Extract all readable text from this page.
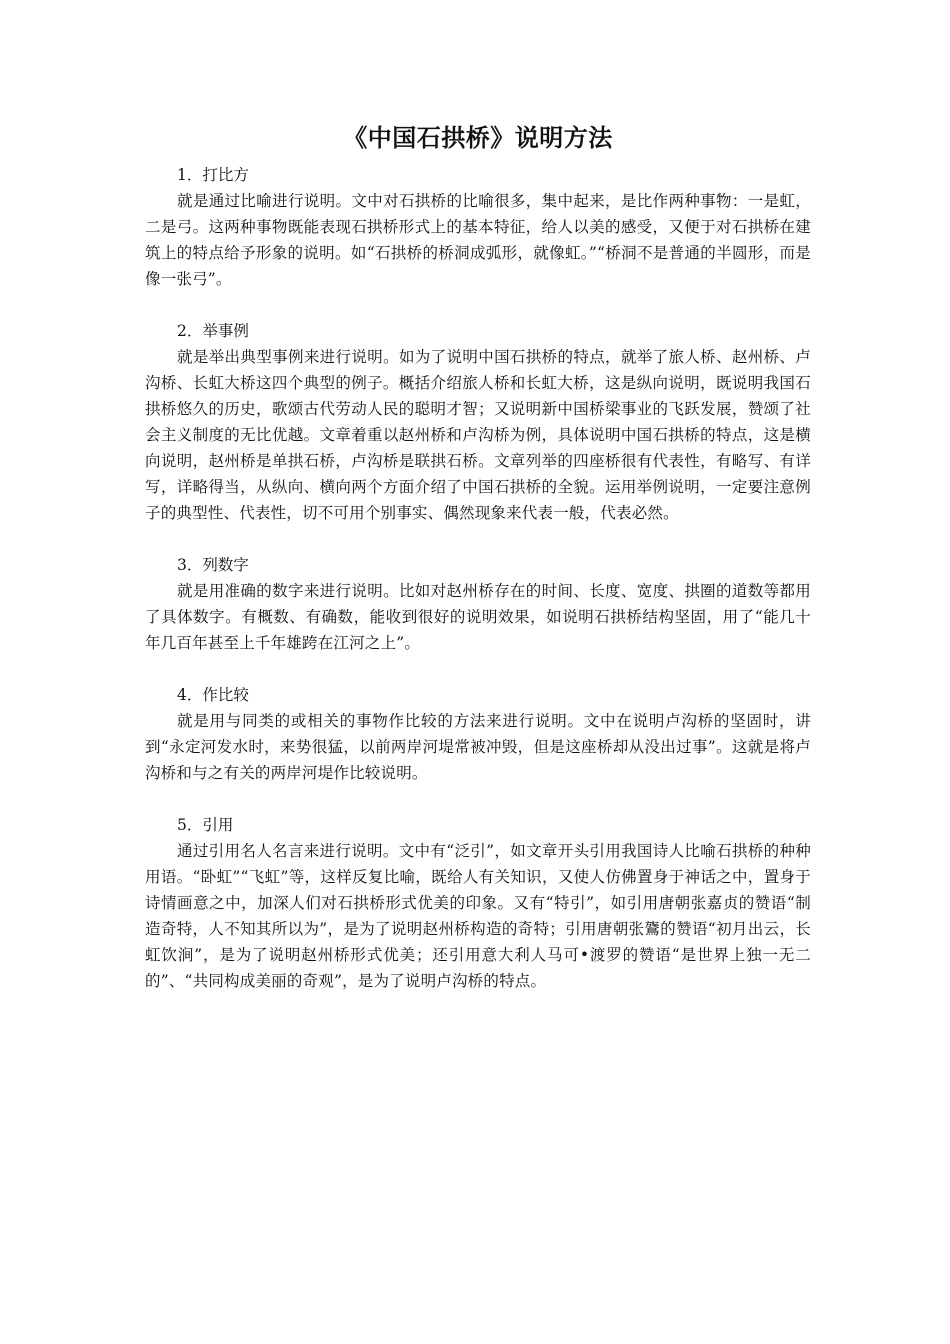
《中国石拱桥》说明方法

1．打比方

就是通过比喻进行说明。文中对石拱桥的比喻很多，集中起来，是比作两种事物：一是虹，二是弓。这两种事物既能表现石拱桥形式上的基本特征，给人以美的感受，又便于对石拱桥在建筑上的特点给予形象的说明。如“石拱桥的桥洞成弧形，就像虹。”“桥洞不是普通的半圆形，而是像一张弓”。

2．举事例

就是举出典型事例来进行说明。如为了说明中国石拱桥的特点，就举了旅人桥、赵州桥、卢沟桥、长虹大桥这四个典型的例子。概括介绍旅人桥和长虹大桥，这是纵向说明，既说明我国石拱桥悠久的历史，歌颂古代劳动人民的聪明才智；又说明新中国桥梁事业的飞跃发展，赞颂了社会主义制度的无比优越。文章着重以赵州桥和卢沟桥为例，具体说明中国石拱桥的特点，这是横向说明，赵州桥是单拱石桥，卢沟桥是联拱石桥。文章列举的四座桥很有代表性，有略写、有详写，详略得当，从纵向、横向两个方面介绍了中国石拱桥的全貌。运用举例说明，一定要注意例子的典型性、代表性，切不可用个别事实、偶然现象来代表一般，代表必然。

3．列数字

就是用准确的数字来进行说明。比如对赵州桥存在的时间、长度、宽度、拱圈的道数等都用了具体数字。有概数、有确数，能收到很好的说明效果，如说明石拱桥结构坚固，用了“能几十年几百年甚至上千年雄跨在江河之上”。

4．作比较

就是用与同类的或相关的事物作比较的方法来进行说明。文中在说明卢沟桥的坚固时，讲到“永定河发水时，来势很猛，以前两岸河堤常被冲毁，但是这座桥却从没出过事”。这就是将卢沟桥和与之有关的两岸河堤作比较说明。

5．引用

通过引用名人名言来进行说明。文中有“泛引”，如文章开头引用我国诗人比喻石拱桥的种种用语。“卧虹”“飞虹”等，这样反复比喻，既给人有关知识，又使人仿佛置身于神话之中，置身于诗情画意之中，加深人们对石拱桥形式优美的印象。又有“特引”，如引用唐朝张嘉贞的赞语“制造奇特，人不知其所以为”，是为了说明赵州桥构造的奇特；引用唐朝张鷟的赞语“初月出云，长虹饮涧”，是为了说明赵州桥形式优美；还引用意大利人马可•渡罗的赞语“是世界上独一无二的”、“共同构成美丽的奇观”，是为了说明卢沟桥的特点。
